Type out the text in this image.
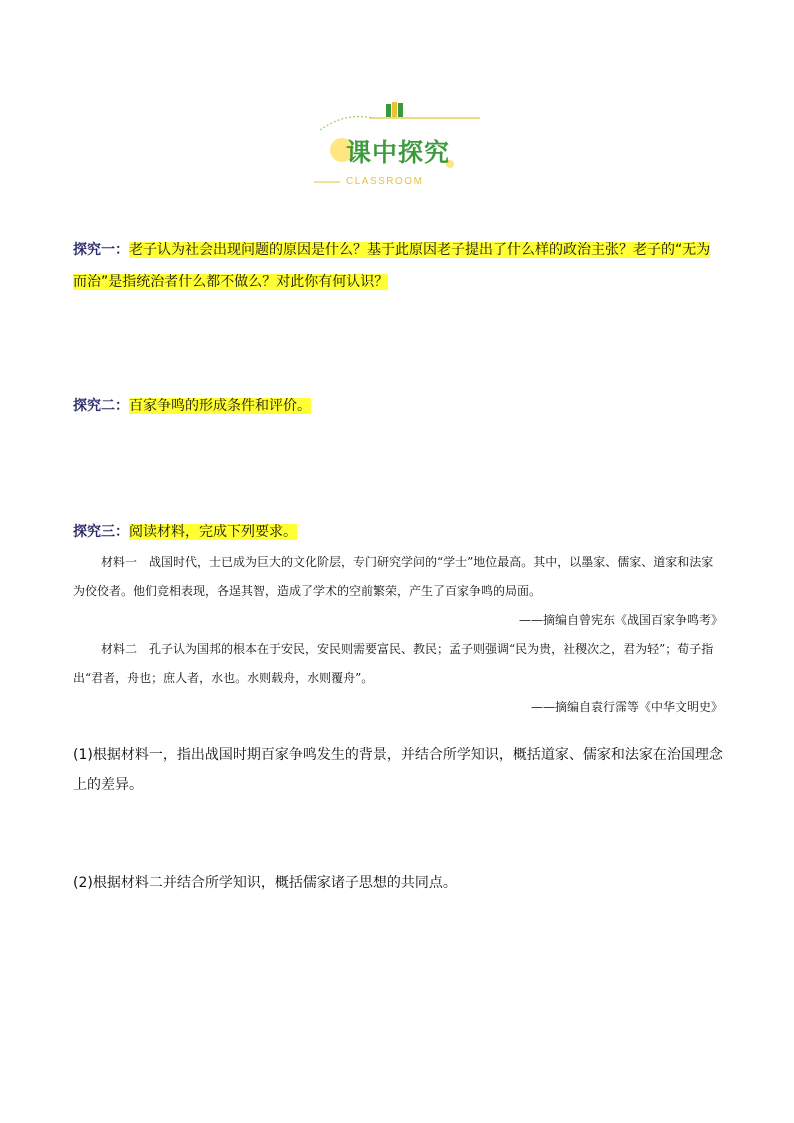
课中探究
CLASSROOM
探究一：老子认为社会出现问题的原因是什么？基于此原因老子提出了什么样的政治主张？老子的“无为而治”是指统治者什么都不做么？对此你有何认识？
探究二：百家争鸣的形成条件和评价。
探究三：阅读材料，完成下列要求。

材料一　战国时代，士已成为巨大的文化阶层，专门研究学问的“学士”地位最高。其中，以墨家、儒家、道家和法家为佼佼者。他们竞相表现，各逞其智，造成了学术的空前繁荣，产生了百家争鸣的局面。

——摘编自曾宪东《战国百家争鸣考》

材料二　孔子认为国邦的根本在于安民，安民则需要富民、教民；孟子则强调“民为贵，社稷次之，君为轻”；荀子指出“君者，舟也；庶人者，水也。水则载舟，水则覆舟”。

——摘编自袁行霈等《中华文明史》

(1)根据材料一，指出战国时期百家争鸣发生的背景，并结合所学知识，概括道家、儒家和法家在治国理念上的差异。
(2)根据材料二并结合所学知识，概括儒家诸子思想的共同点。
